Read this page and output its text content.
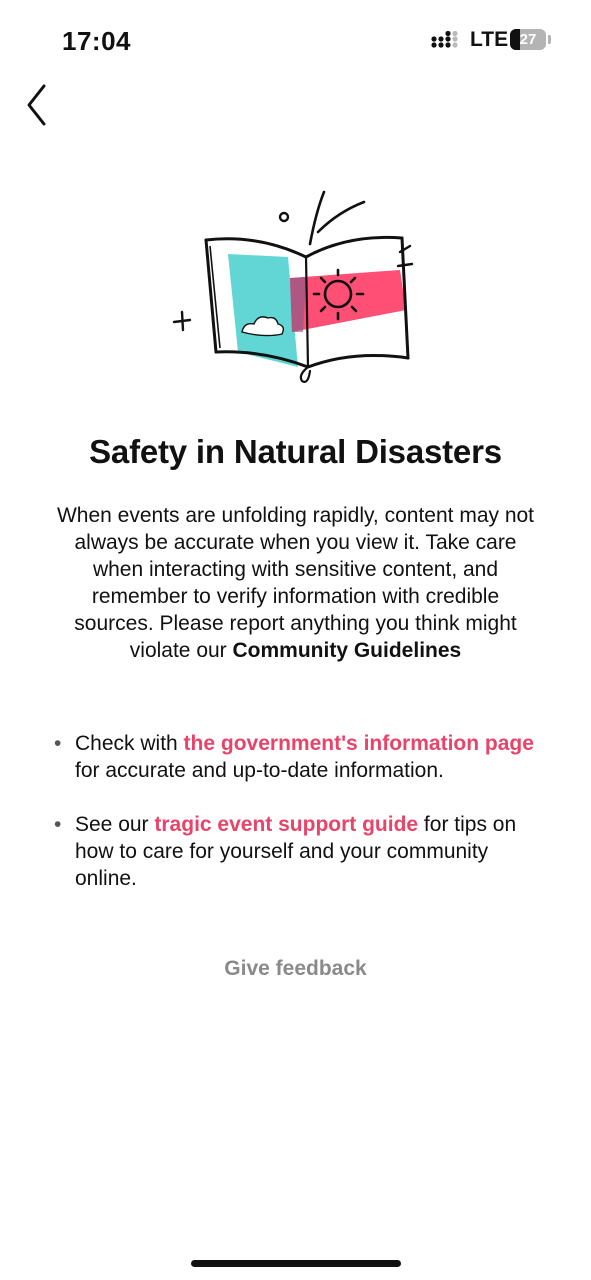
17:04	LTE 27
Safety in Natural Disasters

When events are unfolding rapidly, content may not always be accurate when you view it. Take care when interacting with sensitive content, and remember to verify information with credible sources. Please report anything you think might violate our Community Guidelines

• Check with the government's information page for accurate and up-to-date information.
• See our tragic event support guide for tips on how to care for yourself and your community online.
Give feedback
